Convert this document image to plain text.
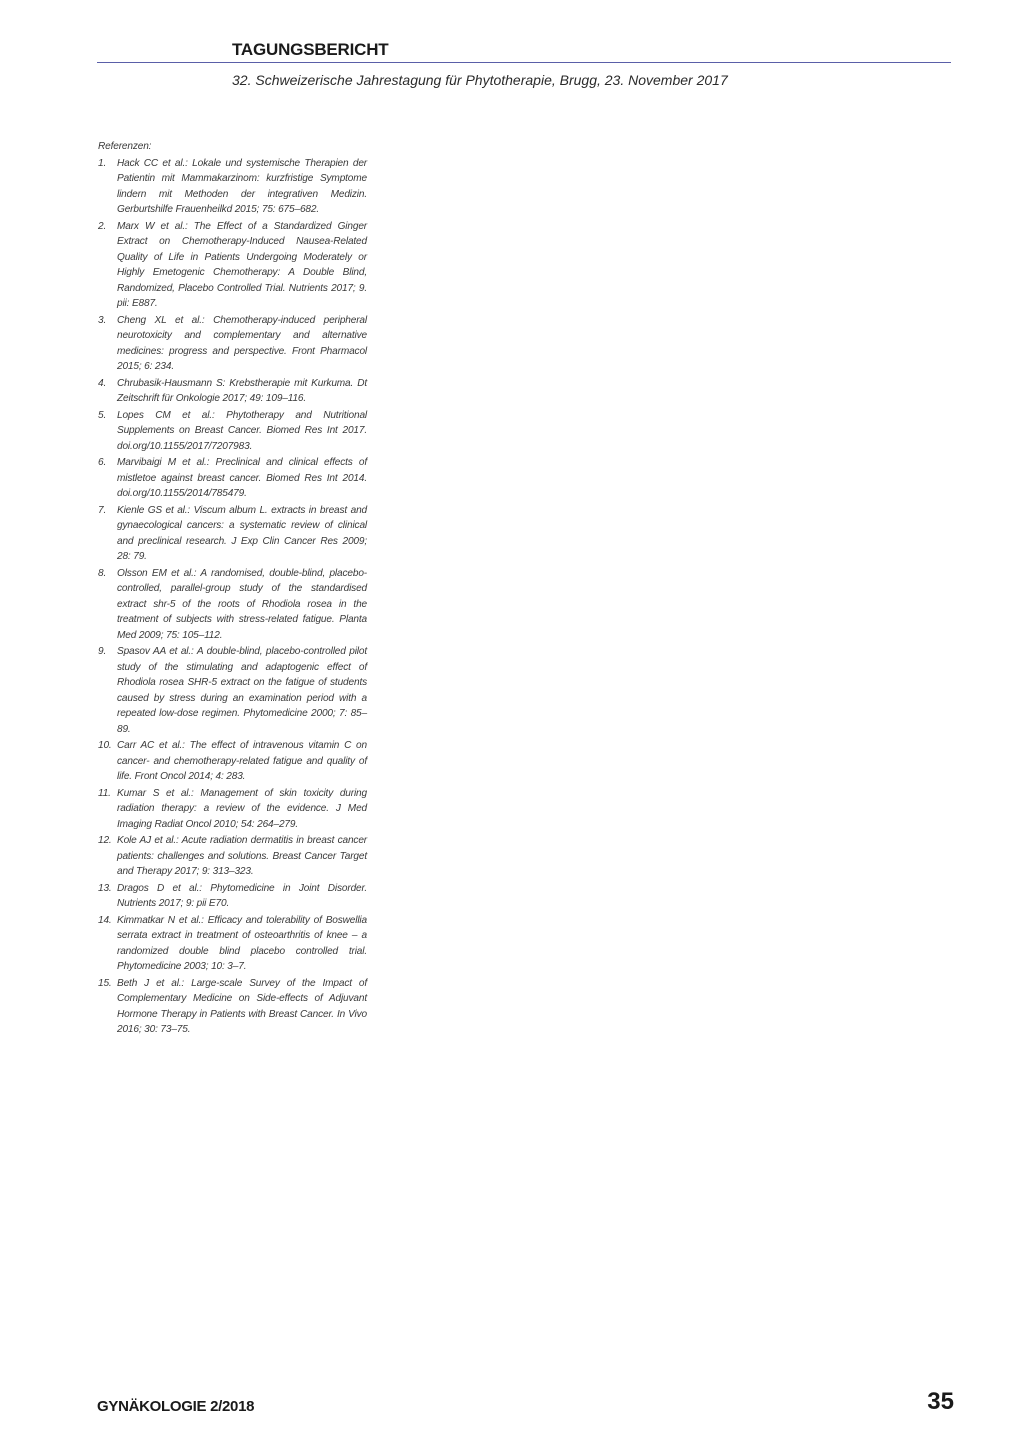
TAGUNGSBERICHT
32. Schweizerische Jahrestagung für Phytotherapie, Brugg, 23. November 2017
Referenzen:
1.	Hack CC et al.: Lokale und systemische Therapien der Patientin mit Mammakarzinom: kurzfristige Symptome lindern mit Methoden der integrativen Medizin. Gerburtshilfe Frauenheilkd 2015; 75: 675–682.
2.	Marx W et al.: The Effect of a Standardized Ginger Extract on Chemotherapy-Induced Nausea-Related Quality of Life in Patients Undergoing Moderately or Highly Emetogenic Chemotherapy: A Double Blind, Randomized, Placebo Controlled Trial. Nutrients 2017; 9. pii: E887.
3.	Cheng XL et al.: Chemotherapy-induced peripheral neurotoxicity and complementary and alternative medicines: progress and perspective. Front Pharmacol 2015; 6: 234.
4.	Chrubasik-Hausmann S: Krebstherapie mit Kurkuma. Dt Zeitschrift für Onkologie 2017; 49: 109–116.
5.	Lopes CM et al.: Phytotherapy and Nutritional Supplements on Breast Cancer. Biomed Res Int 2017. doi.org/10.1155/2017/7207983.
6.	Marvibaigi M et al.: Preclinical and clinical effects of mistletoe against breast cancer. Biomed Res Int 2014. doi.org/10.1155/2014/785479.
7.	Kienle GS et al.: Viscum album L. extracts in breast and gynaecological cancers: a systematic review of clinical and preclinical research. J Exp Clin Cancer Res 2009; 28: 79.
8.	Olsson EM et al.: A randomised, double-blind, placebo-controlled, parallel-group study of the standardised extract shr-5 of the roots of Rhodiola rosea in the treatment of subjects with stress-related fatigue. Planta Med 2009; 75: 105–112.
9.	Spasov AA et al.: A double-blind, placebo-controlled pilot study of the stimulating and adaptogenic effect of Rhodiola rosea SHR-5 extract on the fatigue of students caused by stress during an examination period with a repeated low-dose regimen. Phytomedicine 2000; 7: 85–89.
10. Carr AC et al.: The effect of intravenous vitamin C on cancer- and chemotherapy-related fatigue and quality of life. Front Oncol 2014; 4: 283.
11. Kumar S et al.: Management of skin toxicity during radiation therapy: a review of the evidence. J Med Imaging Radiat Oncol 2010; 54: 264–279.
12. Kole AJ et al.: Acute radiation dermatitis in breast cancer patients: challenges and solutions. Breast Cancer Target and Therapy 2017; 9: 313–323.
13. Dragos D et al.: Phytomedicine in Joint Disorder. Nutrients 2017; 9: pii E70.
14. Kimmatkar N et al.: Efficacy and tolerability of Boswellia serrata extract in treatment of osteoarthritis of knee – a randomized double blind placebo controlled trial. Phytomedicine 2003; 10: 3–7.
15. Beth J et al.: Large-scale Survey of the Impact of Complementary Medicine on Side-effects of Adjuvant Hormone Therapy in Patients with Breast Cancer. In Vivo 2016; 30: 73–75.
GYNÄKOLOGIE 2/2018	35
